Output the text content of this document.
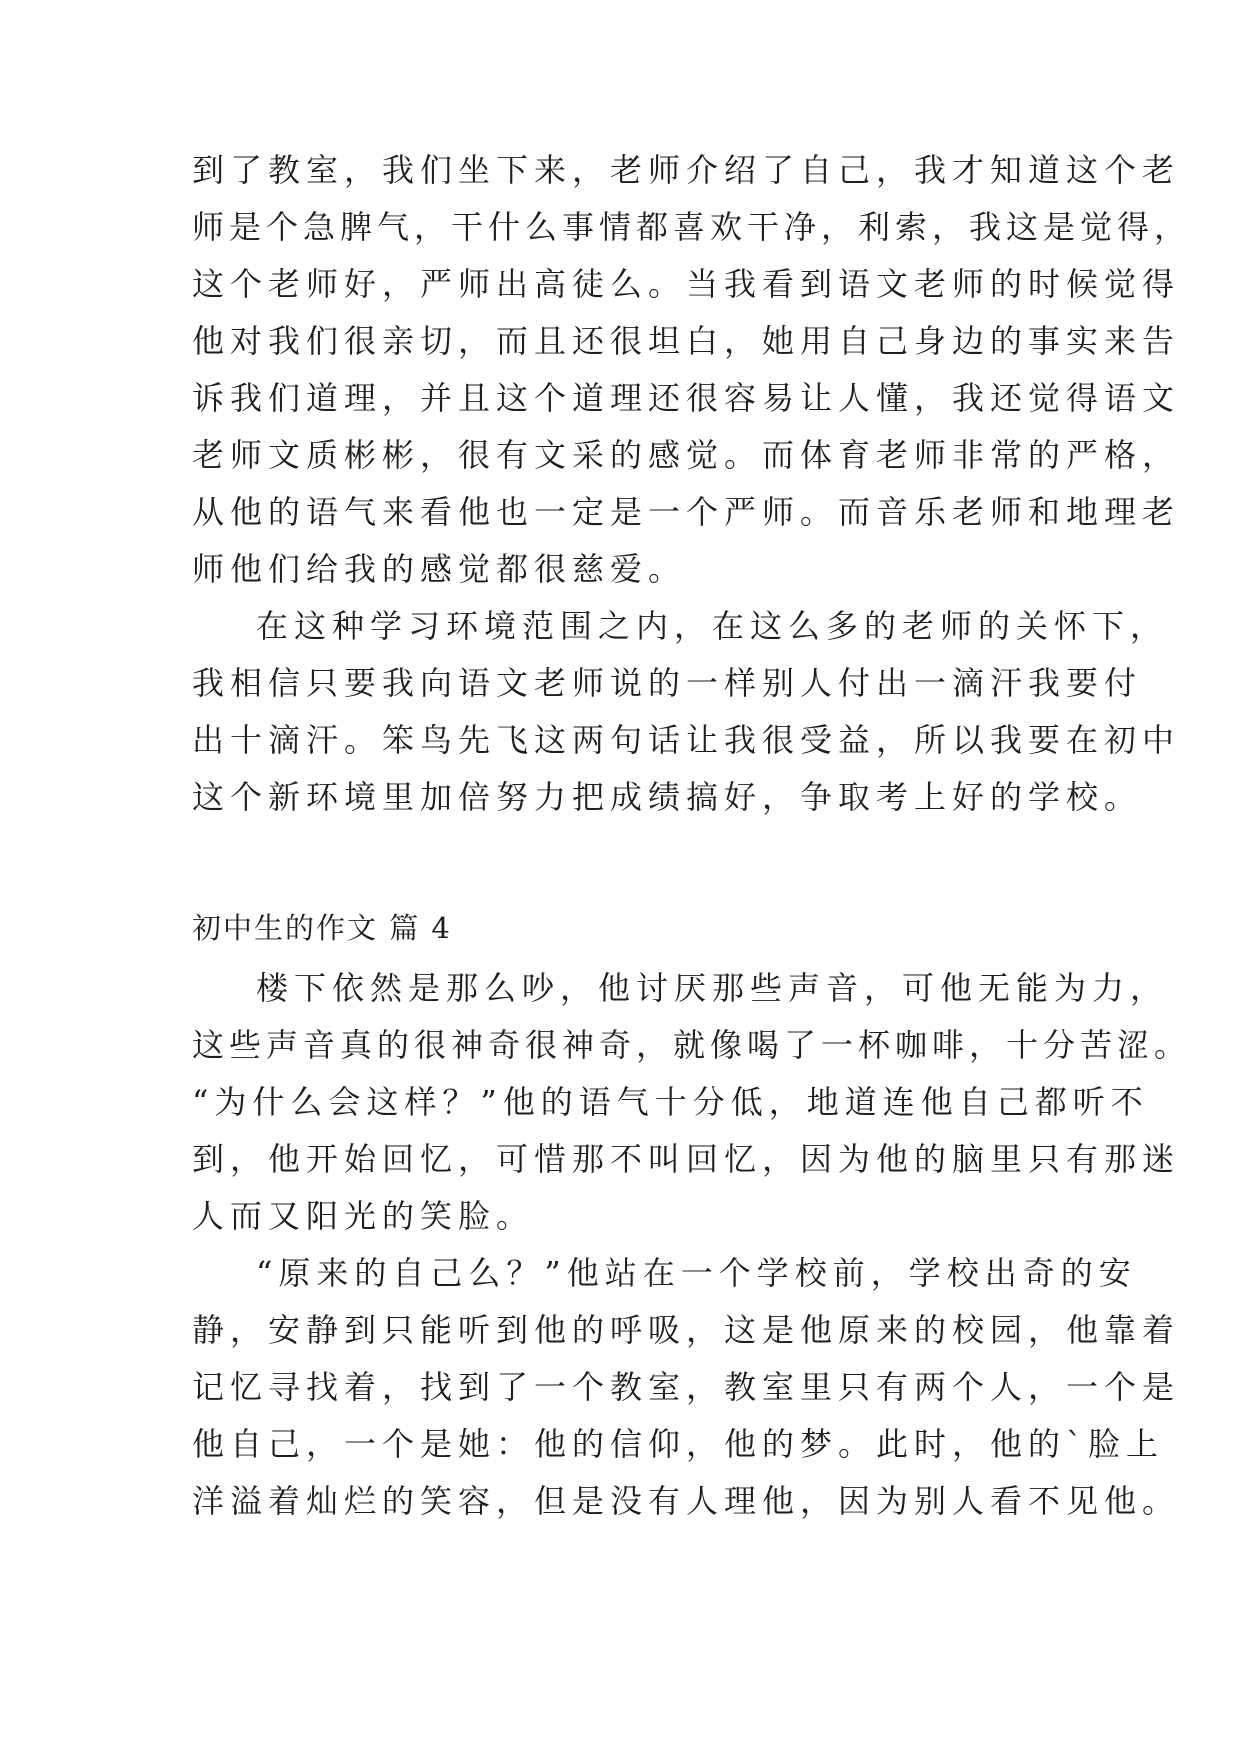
到了教室，我们坐下来，老师介绍了自己，我才知道这个老
师是个急脾气，干什么事情都喜欢干净，利索，我这是觉得，
这个老师好，严师出高徒么。当我看到语文老师的时候觉得
他对我们很亲切，而且还很坦白，她用自己身边的事实来告
诉我们道理，并且这个道理还很容易让人懂，我还觉得语文
老师文质彬彬，很有文采的感觉。而体育老师非常的严格，
从他的语气来看他也一定是一个严师。而音乐老师和地理老
师他们给我的感觉都很慈爱。
在这种学习环境范围之内，在这么多的老师的关怀下，
我相信只要我向语文老师说的一样别人付出一滴汗我要付
出十滴汗。笨鸟先飞这两句话让我很受益，所以我要在初中
这个新环境里加倍努力把成绩搞好，争取考上好的学校。
初中生的作文 篇 4
楼下依然是那么吵，他讨厌那些声音，可他无能为力，
这些声音真的很神奇很神奇，就像喝了一杯咖啡，十分苦涩。
“为什么会这样？”他的语气十分低，地道连他自己都听不
到，他开始回忆，可惜那不叫回忆，因为他的脑里只有那迷
人而又阳光的笑脸。
“原来的自己么？”他站在一个学校前，学校出奇的安
静，安静到只能听到他的呼吸，这是他原来的校园，他靠着
记忆寻找着，找到了一个教室，教室里只有两个人，一个是
他自己，一个是她：他的信仰，他的梦。此时，他的`脸上
洋溢着灿烂的笑容，但是没有人理他，因为别人看不见他。
